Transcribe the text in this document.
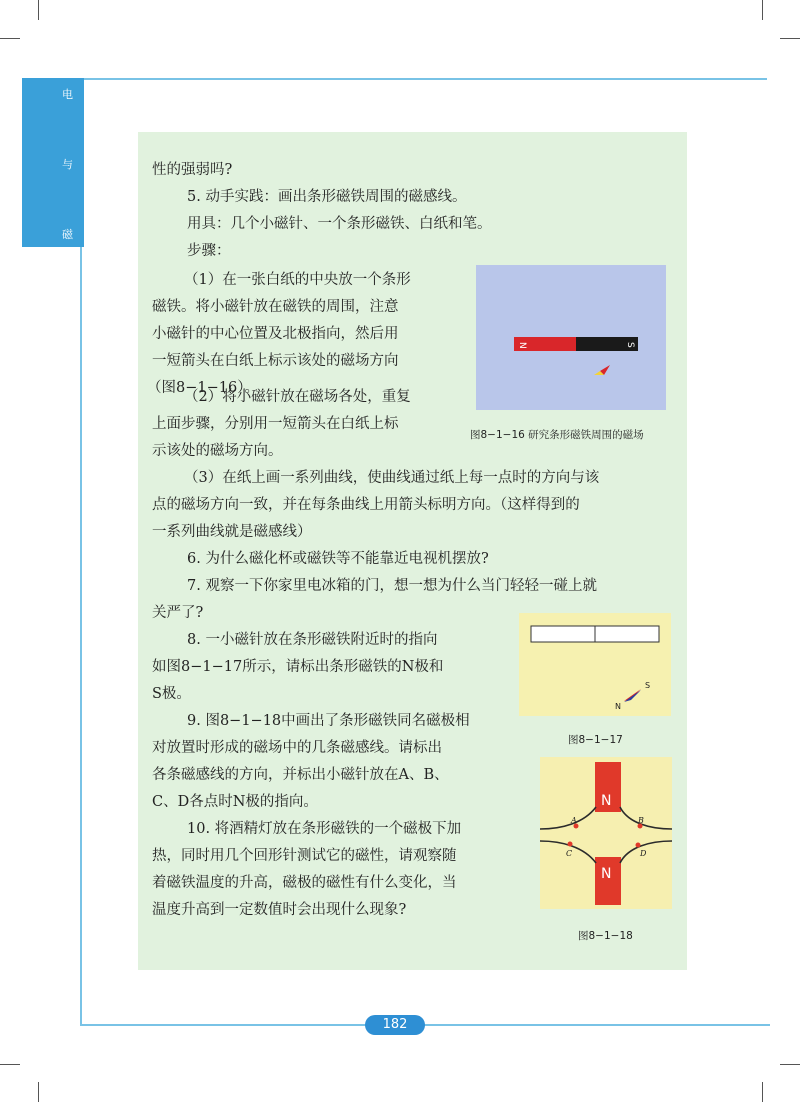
电
与
磁
182
性的强弱吗?
5. 动手实践：画出条形磁铁周围的磁感线。
用具：几个小磁针、一个条形磁铁、白纸和笔。
步骤：
（1）在一张白纸的中央放一个条形
磁铁。将小磁针放在磁铁的周围，注意
小磁针的中心位置及北极指向，然后用
一短箭头在白纸上标示该处的磁场方向
（图8−1−16）。
（2）将小磁针放在磁场各处，重复
上面步骤，分别用一短箭头在白纸上标
示该处的磁场方向。
（3）在纸上画一系列曲线，使曲线通过纸上每一点时的方向与该
点的磁场方向一致，并在每条曲线上用箭头标明方向。（这样得到的
一系列曲线就是磁感线）
6. 为什么磁化杯或磁铁等不能靠近电视机摆放?
7. 观察一下你家里电冰箱的门，想一想为什么当门轻轻一碰上就
关严了?
8. 一小磁针放在条形磁铁附近时的指向
如图8−1−17所示，请标出条形磁铁的N极和
S极。
9. 图8−1−18中画出了条形磁铁同名磁极相
对放置时形成的磁场中的几条磁感线。请标出
各条磁感线的方向，并标出小磁针放在A、B、
C、D各点时N极的指向。
10. 将酒精灯放在条形磁铁的一个磁极下加
热，同时用几个回形针测试它的磁性，请观察随
着磁铁温度的升高，磁极的磁性有什么变化，当
温度升高到一定数值时会出现什么现象?
N	S
图8−1−16 研究条形磁铁周围的磁场
N
S
图8−1−17
N
N
A	B
C	D
图8−1−18
